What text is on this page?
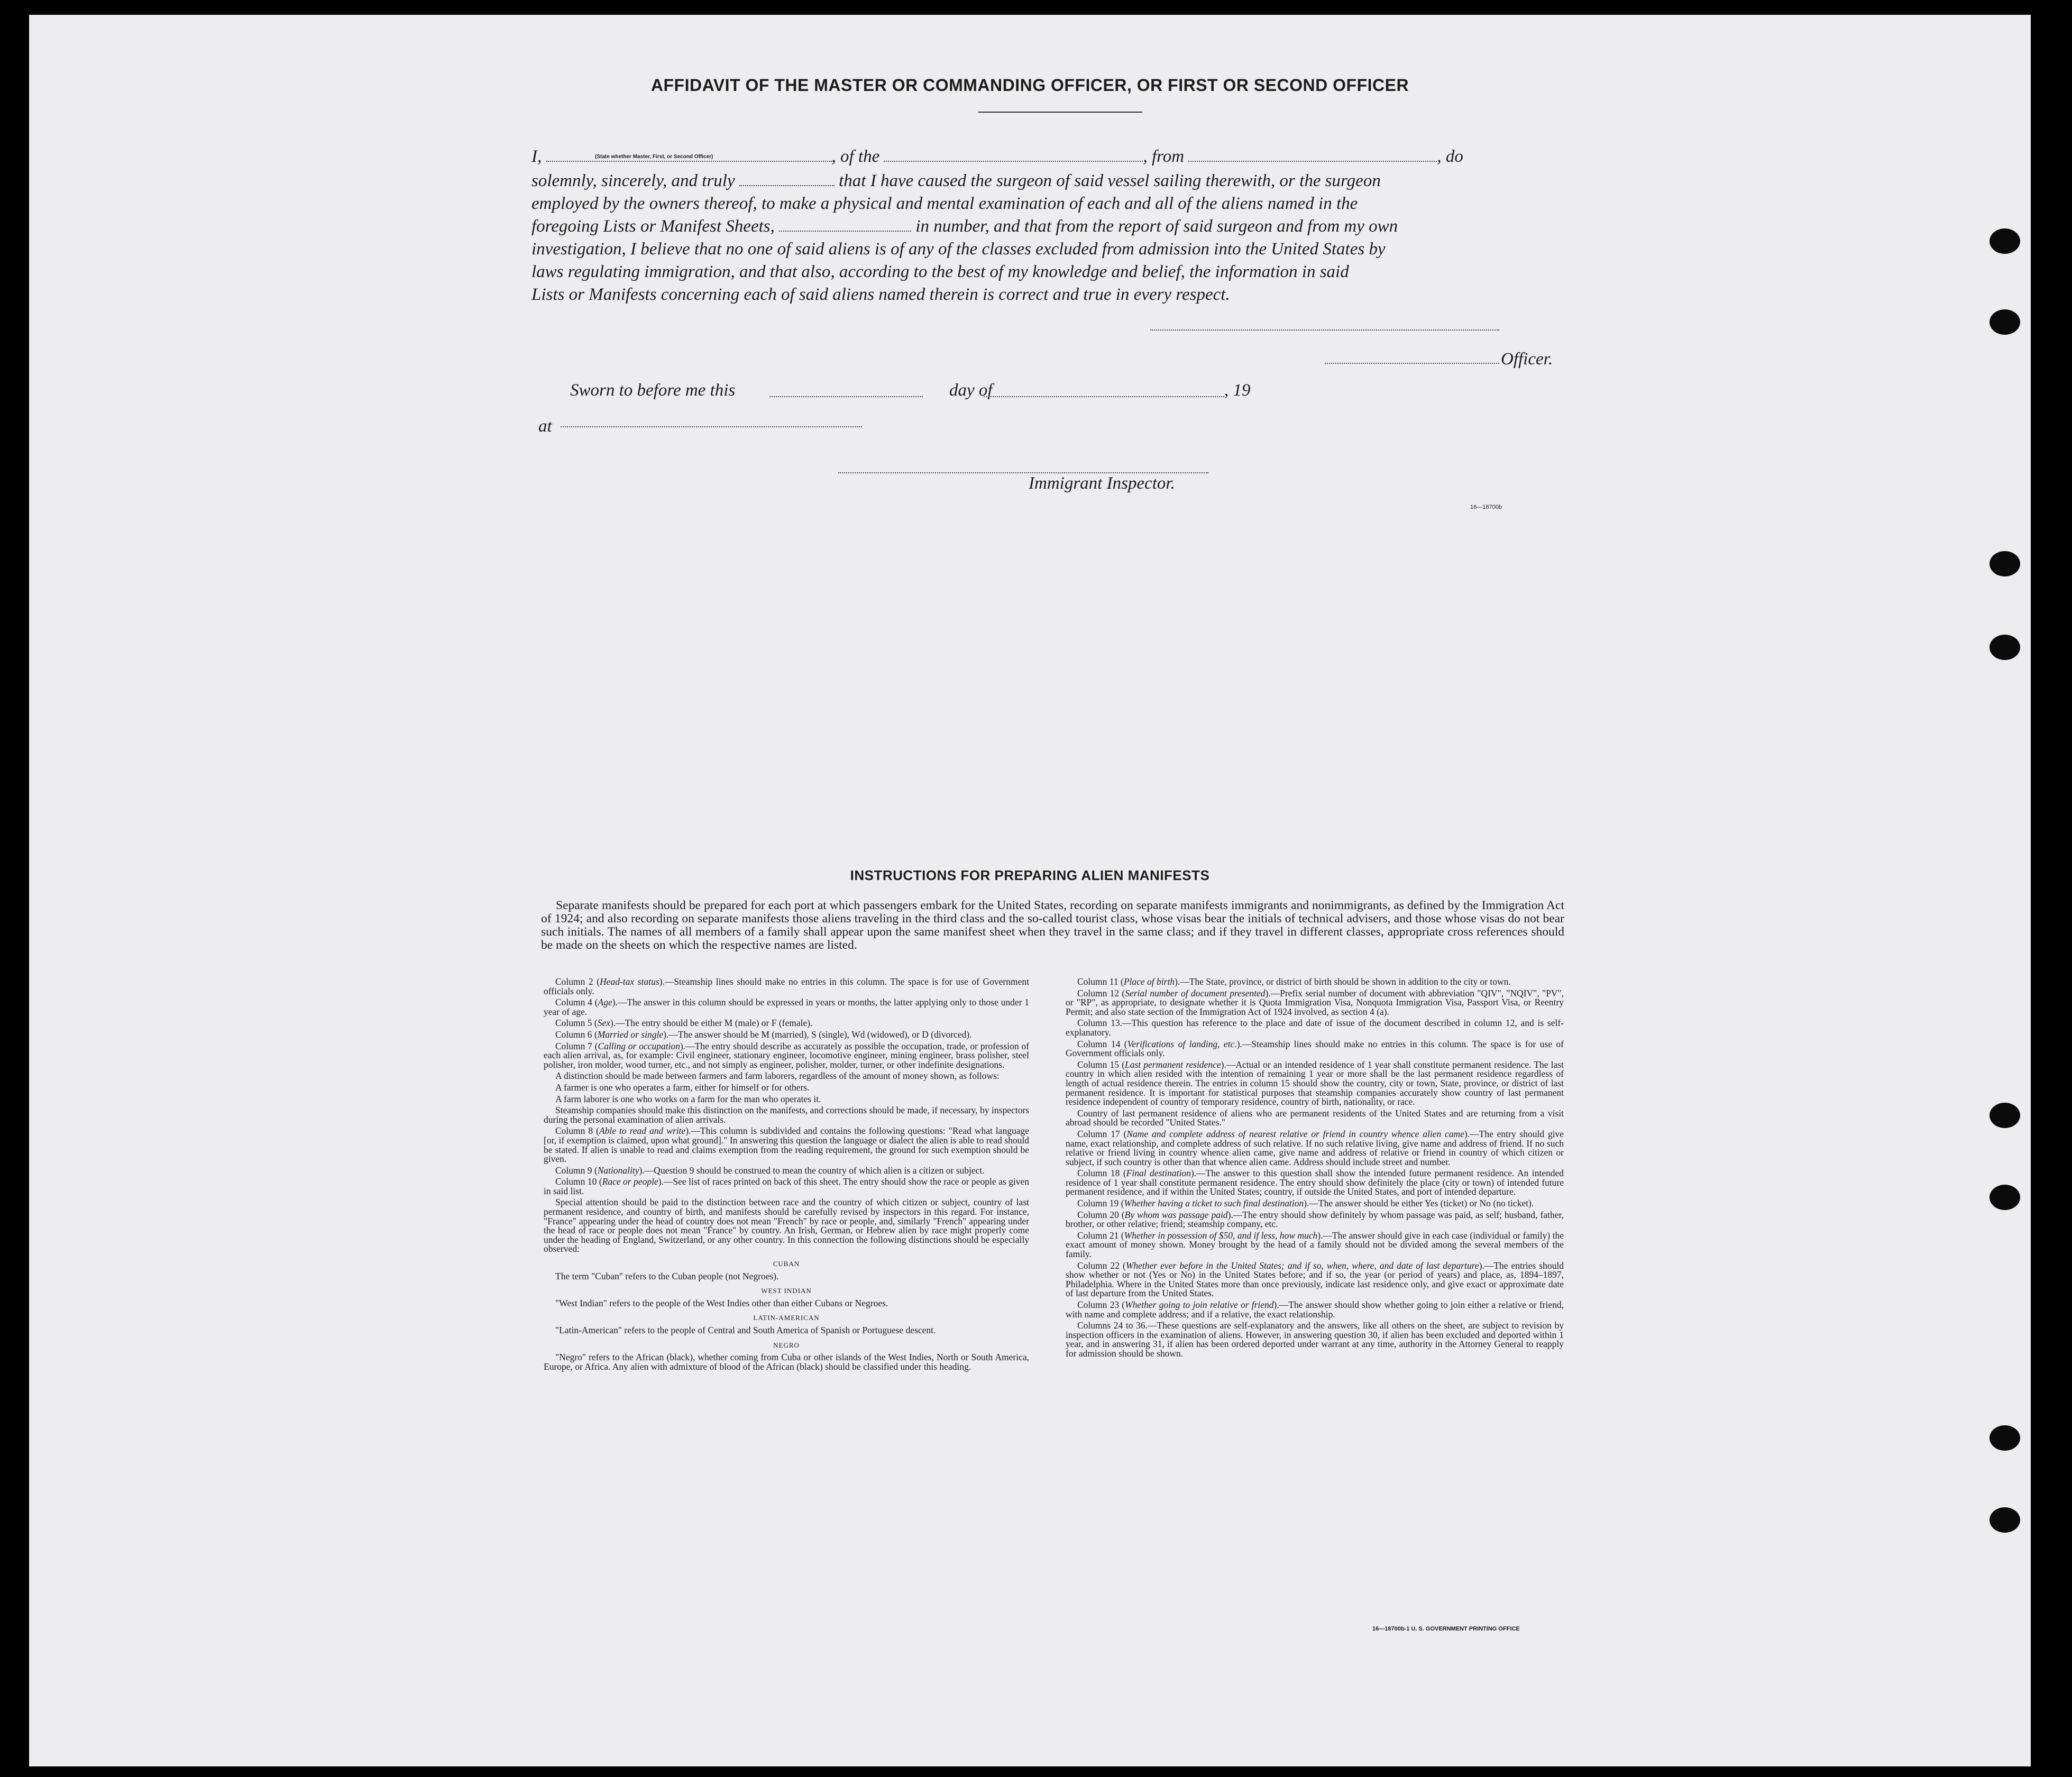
AFFIDAVIT OF THE MASTER OR COMMANDING OFFICER, OR FIRST OR SECOND OFFICER
I,	, of the	, from	, do
(State whether Master, First, or Second Officer)
solemnly, sincerely, and truly	that I have caused the surgeon of said vessel sailing therewith, or the surgeon
employed by the owners thereof, to make a physical and mental examination of each and all of the aliens named in the
foregoing Lists or Manifest Sheets,	in number, and that from the report of said surgeon and from my own
investigation, I believe that no one of said aliens is of any of the classes excluded from admission into the United States by
laws regulating immigration, and that also, according to the best of my knowledge and belief, the information in said
Lists or Manifests concerning each of said aliens named therein is correct and true in every respect.
Officer.
Sworn to before me this	day of	, 19
at
Immigrant Inspector.
16—18700b
INSTRUCTIONS FOR PREPARING ALIEN MANIFESTS

Separate manifests should be prepared for each port at which passengers embark for the United States, recording on separate manifests immigrants and nonimmigrants, as defined by the Immigration Act of 1924; and also recording on separate manifests those aliens traveling in the third class and the so-called tourist class, whose visas bear the initials of technical advisers, and those whose visas do not bear such initials. The names of all members of a family shall appear upon the same manifest sheet when they travel in the same class; and if they travel in different classes, appropriate cross references should be made on the sheets on which the respective names are listed.

Column 2 (Head-tax status).—Steamship lines should make no entries in this column. The space is for use of Government officials only.

Column 4 (Age).—The answer in this column should be expressed in years or months, the latter applying only to those under 1 year of age.

Column 5 (Sex).—The entry should be either M (male) or F (female).

Column 6 (Married or single).—The answer should be M (married), S (single), Wd (widowed), or D (divorced).

Column 7 (Calling or occupation).—The entry should describe as accurately as possible the occupation, trade, or profession of each alien arrival, as, for example: Civil engineer, stationary engineer, locomotive engineer, mining engineer, brass polisher, steel polisher, iron molder, wood turner, etc., and not simply as engineer, polisher, molder, turner, or other indefinite designations.

A distinction should be made between farmers and farm laborers, regardless of the amount of money shown, as follows:

A farmer is one who operates a farm, either for himself or for others.

A farm laborer is one who works on a farm for the man who operates it.

Steamship companies should make this distinction on the manifests, and corrections should be made, if necessary, by inspectors during the personal examination of alien arrivals.

Column 8 (Able to read and write).—This column is subdivided and contains the following questions: "Read what language [or, if exemption is claimed, upon what ground]." In answering this question the language or dialect the alien is able to read should be stated. If alien is unable to read and claims exemption from the reading requirement, the ground for such exemption should be given.

Column 9 (Nationality).—Question 9 should be construed to mean the country of which alien is a citizen or subject.

Column 10 (Race or people).—See list of races printed on back of this sheet. The entry should show the race or people as given in said list.

Special attention should be paid to the distinction between race and the country of which citizen or subject, country of last permanent residence, and country of birth, and manifests should be carefully revised by inspectors in this regard. For instance, "France" appearing under the head of country does not mean "French" by race or people, and, similarly "French" appearing under the head of race or people does not mean "France" by country. An Irish, German, or Hebrew alien by race might properly come under the heading of England, Switzerland, or any other country. In this connection the following distinctions should be especially observed:

CUBAN

The term "Cuban" refers to the Cuban people (not Negroes).

WEST INDIAN

"West Indian" refers to the people of the West Indies other than either Cubans or Negroes.

LATIN-AMERICAN

"Latin-American" refers to the people of Central and South America of Spanish or Portuguese descent.

NEGRO

"Negro" refers to the African (black), whether coming from Cuba or other islands of the West Indies, North or South America, Europe, or Africa. Any alien with admixture of blood of the African (black) should be classified under this heading.

Column 11 (Place of birth).—The State, province, or district of birth should be shown in addition to the city or town.

Column 12 (Serial number of document presented).—Prefix serial number of document with abbreviation "QIV", "NQIV", "PV", or "RP", as appropriate, to designate whether it is Quota Immigration Visa, Nonquota Immigration Visa, Passport Visa, or Reentry Permit; and also state section of the Immigration Act of 1924 involved, as section 4 (a).

Column 13.—This question has reference to the place and date of issue of the document described in column 12, and is self-explanatory.

Column 14 (Verifications of landing, etc.).—Steamship lines should make no entries in this column. The space is for use of Government officials only.

Column 15 (Last permanent residence).—Actual or an intended residence of 1 year shall constitute permanent residence. The last country in which alien resided with the intention of remaining 1 year or more shall be the last permanent residence regardless of length of actual residence therein. The entries in column 15 should show the country, city or town, State, province, or district of last permanent residence. It is important for statistical purposes that steamship companies accurately show country of last permanent residence independent of country of temporary residence, country of birth, nationality, or race.

Country of last permanent residence of aliens who are permanent residents of the United States and are returning from a visit abroad should be recorded "United States."

Column 17 (Name and complete address of nearest relative or friend in country whence alien came).—The entry should give name, exact relationship, and complete address of such relative. If no such relative living, give name and address of friend. If no such relative or friend living in country whence alien came, give name and address of relative or friend in country of which citizen or subject, if such country is other than that whence alien came. Address should include street and number.

Column 18 (Final destination).—The answer to this question shall show the intended future permanent residence. An intended residence of 1 year shall constitute permanent residence. The entry should show definitely the place (city or town) of intended future permanent residence, and if within the United States; country, if outside the United States, and port of intended departure.

Column 19 (Whether having a ticket to such final destination).—The answer should be either Yes (ticket) or No (no ticket).

Column 20 (By whom was passage paid).—The entry should show definitely by whom passage was paid, as self; husband, father, brother, or other relative; friend; steamship company, etc.

Column 21 (Whether in possession of $50, and if less, how much).—The answer should give in each case (individual or family) the exact amount of money shown. Money brought by the head of a family should not be divided among the several members of the family.

Column 22 (Whether ever before in the United States; and if so, when, where, and date of last departure).—The entries should show whether or not (Yes or No) in the United States before; and if so, the year (or period of years) and place, as, 1894–1897, Philadelphia. Where in the United States more than once previously, indicate last residence only, and give exact or approximate date of last departure from the United States.

Column 23 (Whether going to join relative or friend).—The answer should show whether going to join either a relative or friend, with name and complete address; and if a relative, the exact relationship.

Columns 24 to 36.—These questions are self-explanatory and the answers, like all others on the sheet, are subject to revision by inspection officers in the examination of aliens. However, in answering question 30, if alien has been excluded and deported within 1 year, and in answering 31, if alien has been ordered deported under warrant at any time, authority in the Attorney General to reapply for admission should be shown.

16—18700b-1 U. S. GOVERNMENT PRINTING OFFICE
